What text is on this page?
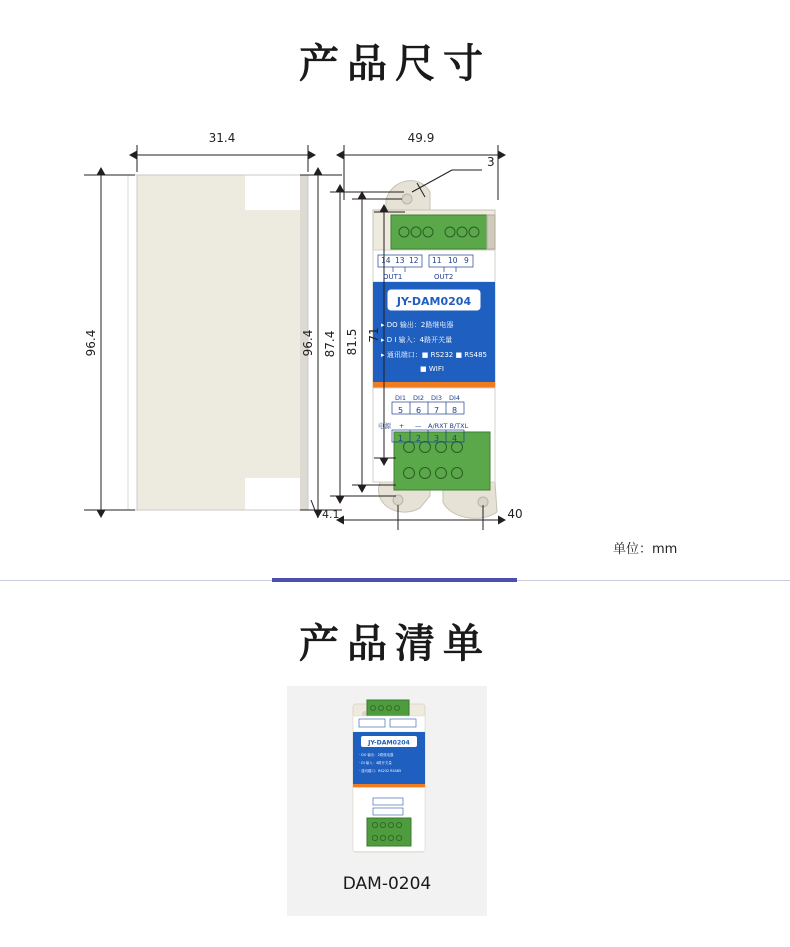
产品尺寸
14 13 12 11 10 9
OUT1	OUT2
JY-DAM0204
▸ DO 输出：2路继电器
▸ D I 输入：4路开关量
▸ 通讯端口：■ RS232 ■ RS485
■ WIFI
DI1 DI2 DI3 DI4
5 6 7 8
电源 + — A/RXT B/TXL
1 2 3 4
31.4	49.9
3
40
4.1
96.4	96.4 87.4 81.5 71
单位：mm
产品清单
JY-DAM0204
· DO 输出：2路继电器
· DI 输入：4路开关量
· 通讯端口：RS232 RS485
DAM-0204
